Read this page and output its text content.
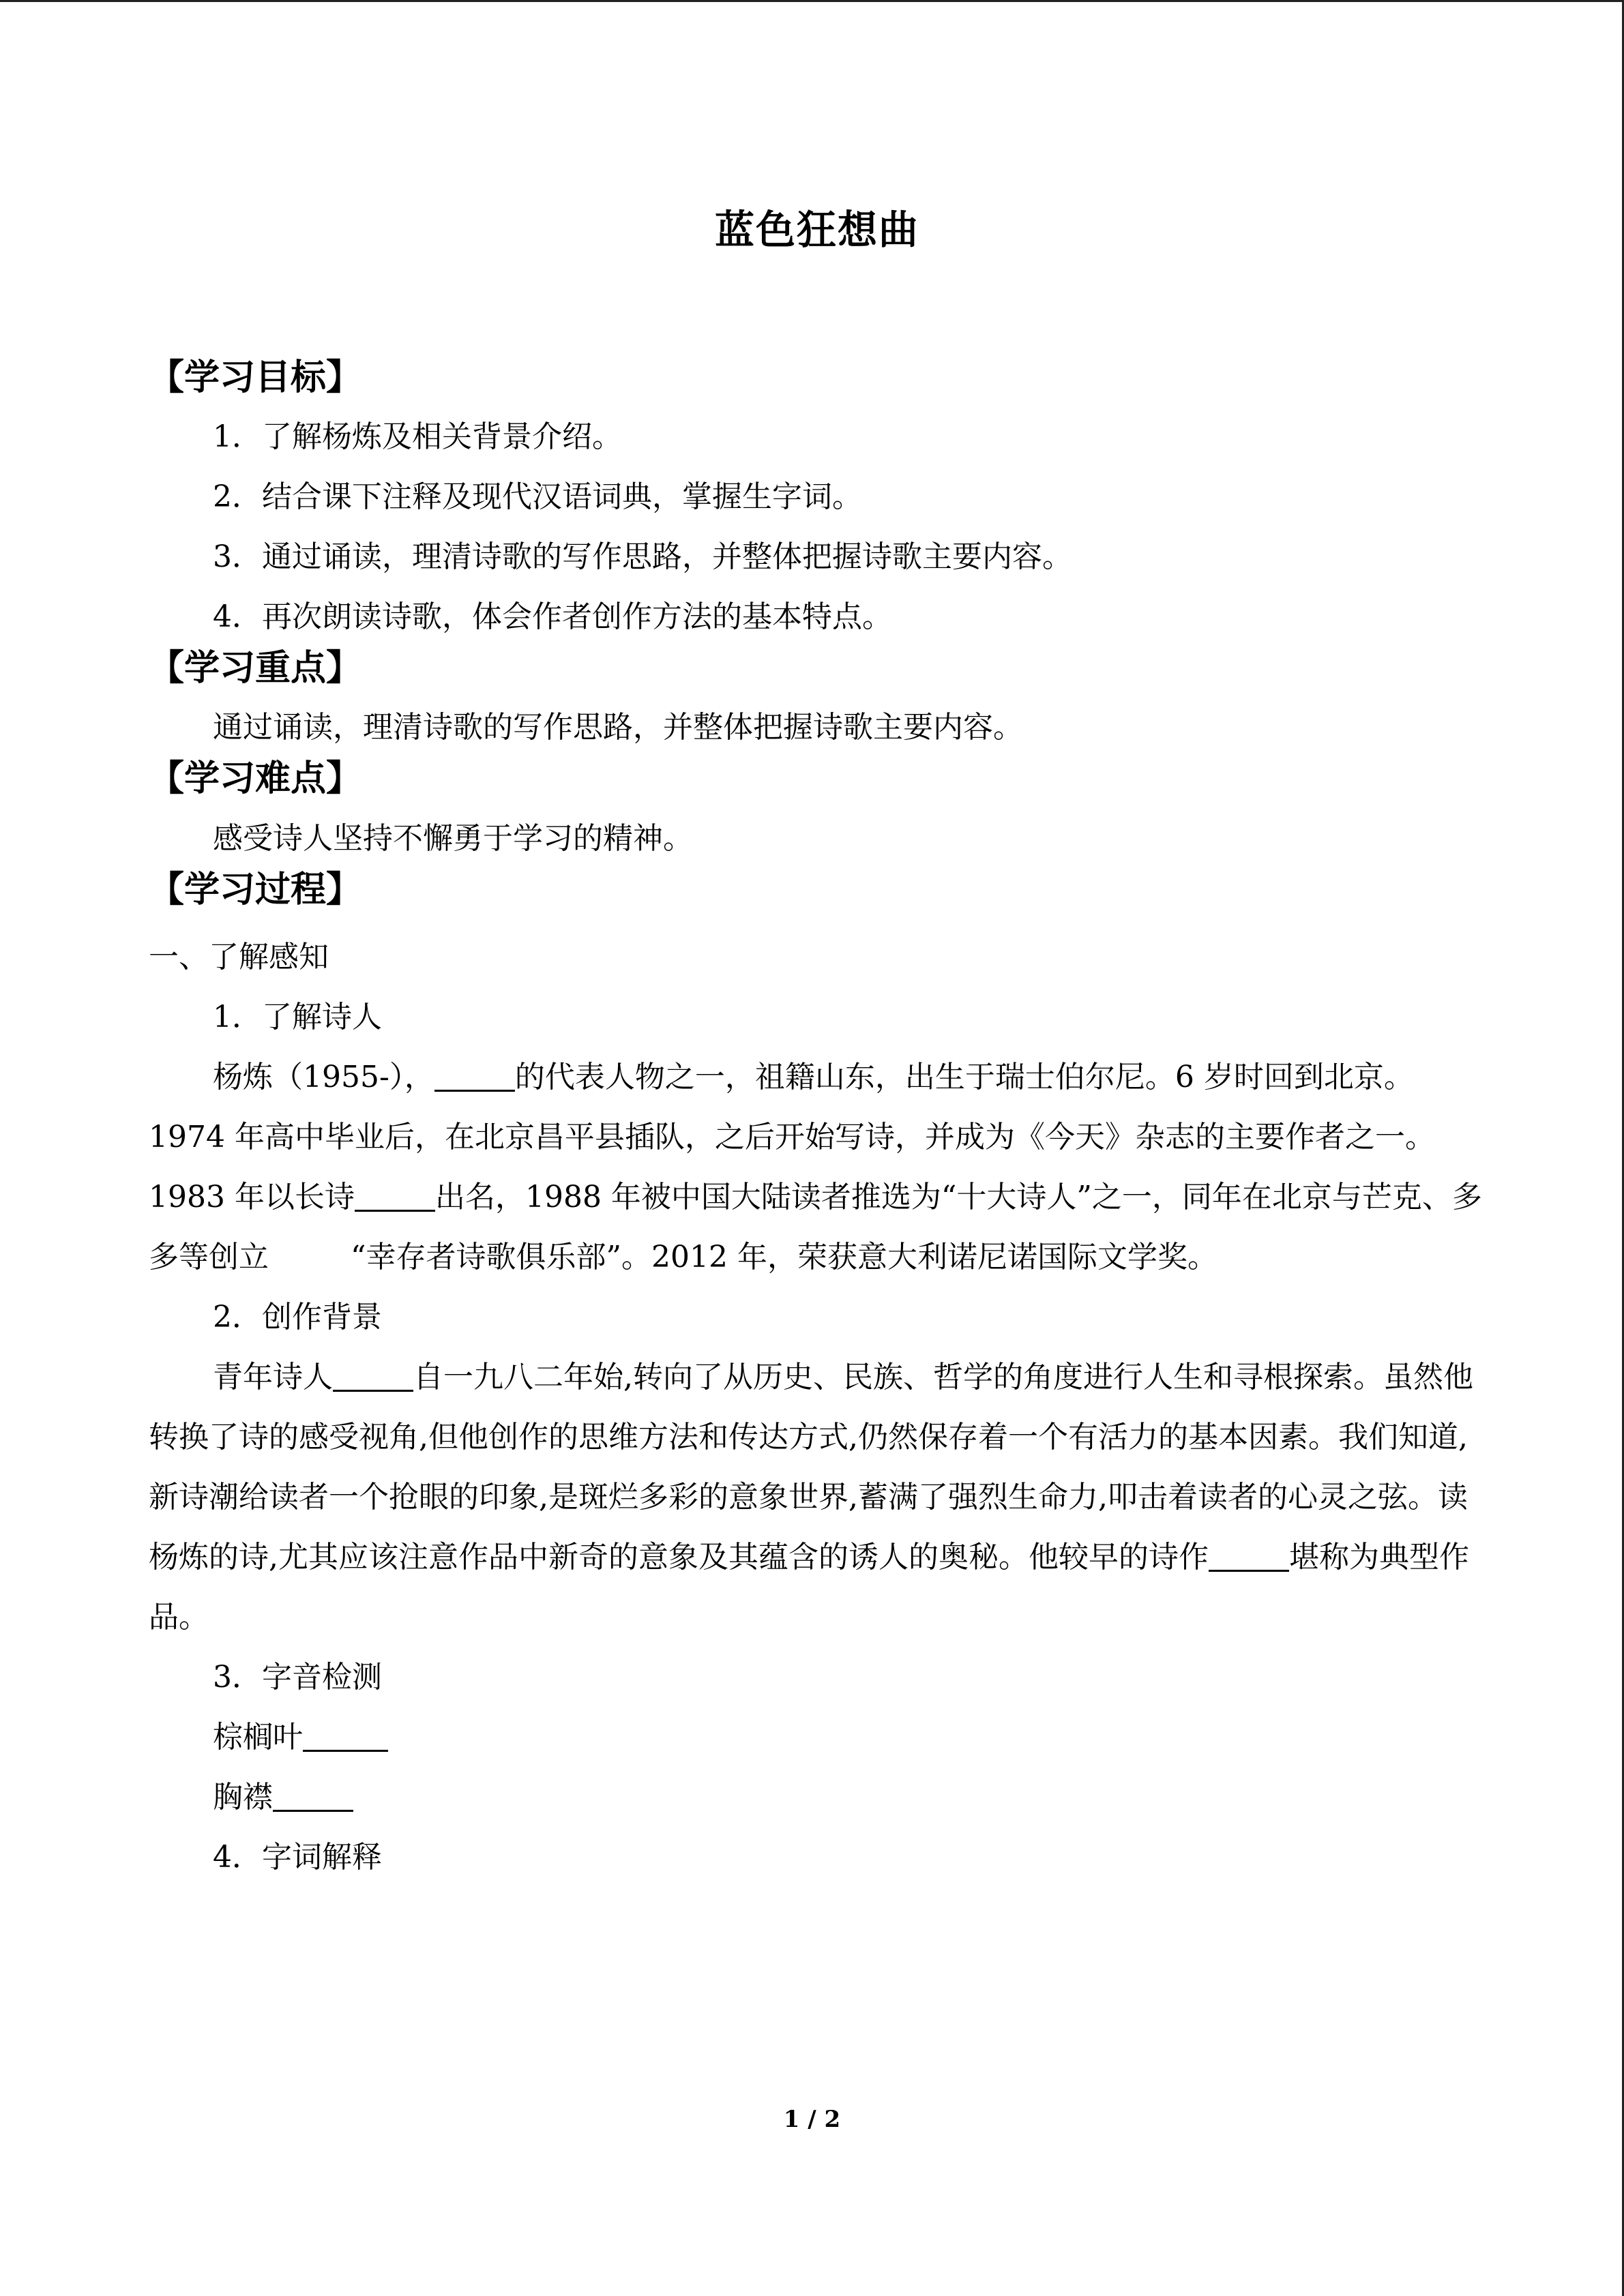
蓝色狂想曲

【学习目标】

1．了解杨炼及相关背景介绍。

2．结合课下注释及现代汉语词典，掌握生字词。

3．通过诵读，理清诗歌的写作思路，并整体把握诗歌主要内容。

4．再次朗读诗歌，体会作者创作方法的基本特点。

【学习重点】

通过诵读，理清诗歌的写作思路，并整体把握诗歌主要内容。

【学习难点】

感受诗人坚持不懈勇于学习的精神。

【学习过程】

一、了解感知

1．了解诗人

杨炼（1955-），	的代表人物之一，祖籍山东，出生于瑞士伯尔尼。6 岁时回到北京。1974 年高中毕业后，在北京昌平县插队，之后开始写诗，并成为《今天》杂志的主要作者之一。1983 年以长诗	出名，1988 年被中国大陆读者推选为“十大诗人”之一，同年在北京与芒克、多多等创立	“幸存者诗歌俱乐部”。2012 年，荣获意大利诺尼诺国际文学奖。

2．创作背景

青年诗人	自一九八二年始,转向了从历史、民族、哲学的角度进行人生和寻根探索。虽然他转换了诗的感受视角,但他创作的思维方法和传达方式,仍然保存着一个有活力的基本因素。我们知道,新诗潮给读者一个抢眼的印象,是斑烂多彩的意象世界,蓄满了强烈生命力,叩击着读者的心灵之弦。读杨炼的诗,尤其应该注意作品中新奇的意象及其蕴含的诱人的奥秘。他较早的诗作	堪称为典型作品。

3．字音检测

棕榈叶

胸襟

4．字词解释

1 / 2
